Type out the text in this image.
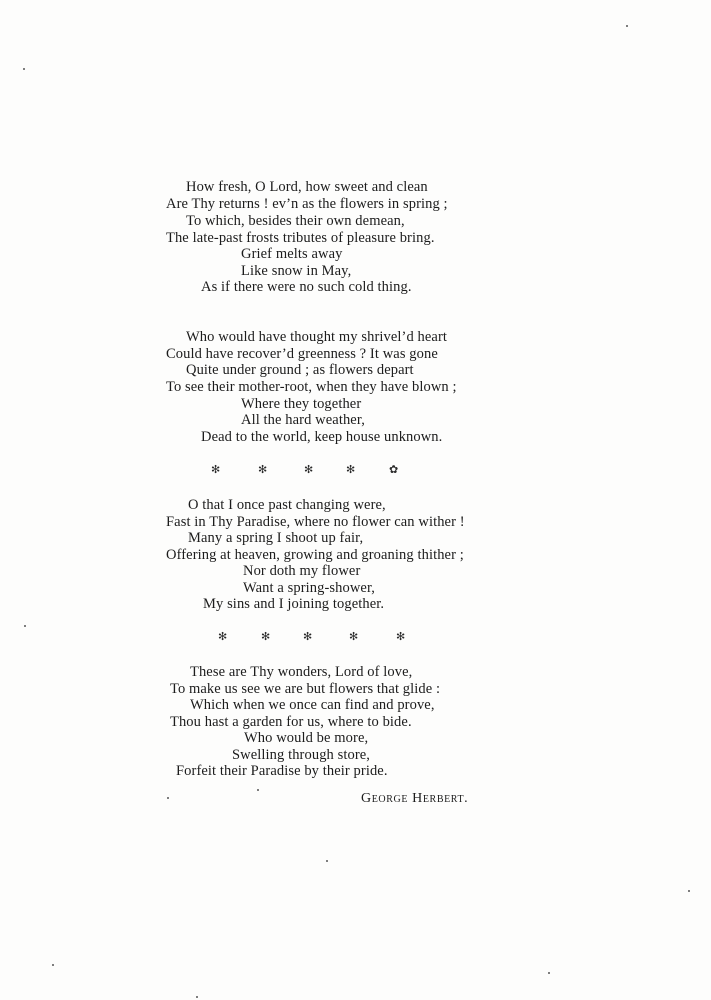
How fresh, O Lord, how sweet and clean
Are Thy returns ! ev’n as the flowers in spring ;
To which, besides their own demean,
The late-past frosts tributes of pleasure bring.
Grief melts away
Like snow in May,
As if there were no such cold thing.
Who would have thought my shrivel’d heart
Could have recover’d greenness ? It was gone
Quite under ground ; as flowers depart
To see their mother-root, when they have blown ;
Where they together
All the hard weather,
Dead to the world, keep house unknown.
✻	✻	✻	✻	✿
O that I once past changing were,
Fast in Thy Paradise, where no flower can wither !
Many a spring I shoot up fair,
Offering at heaven, growing and groaning thither ;
Nor doth my flower
Want a spring-shower,
My sins and I joining together.
✻	✻	✻	✻	✻
These are Thy wonders, Lord of love,
To make us see we are but flowers that glide :
Which when we once can find and prove,
Thou hast a garden for us, where to bide.
Who would be more,
Swelling through store,
Forfeit their Paradise by their pride.
George Herbert.
